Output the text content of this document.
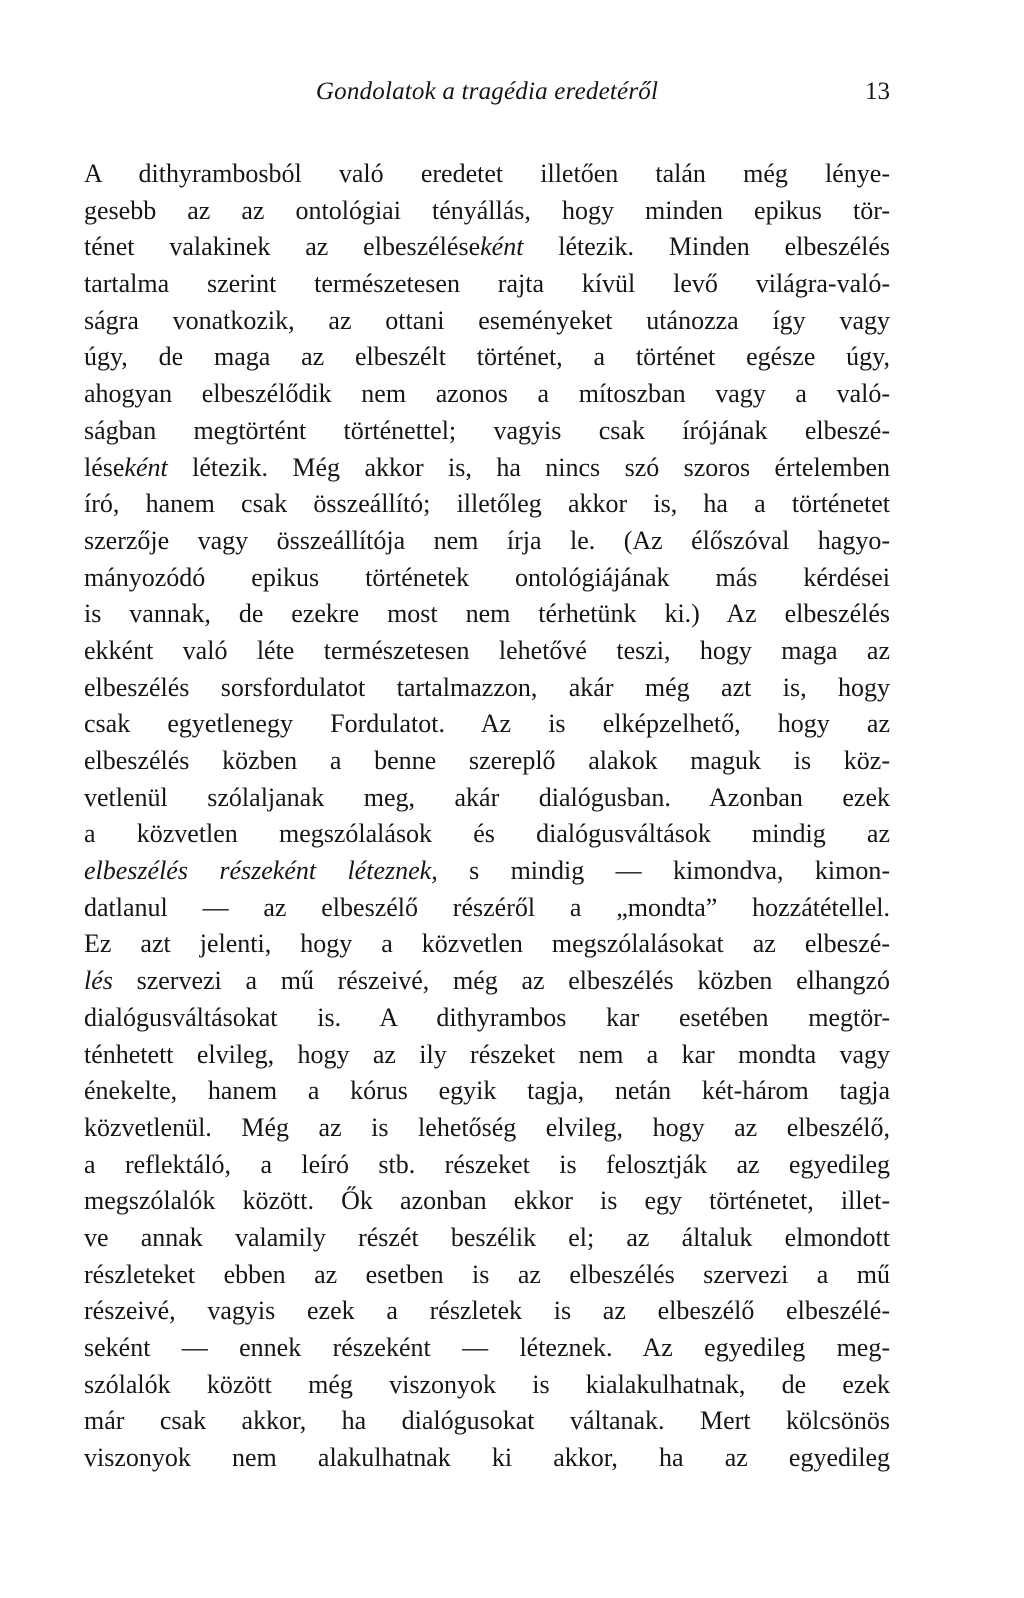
Gondolatok a tragédia eredetéről	13
A dithyrambosból való eredetet illetően talán még lénye-
gesebb az az ontológiai tényállás, hogy minden epikus tör-
ténet valakinek az elbeszéléseként létezik. Minden elbeszélés
tartalma szerint természetesen rajta kívül levő világra-való-
ságra vonatkozik, az ottani eseményeket utánozza így vagy
úgy, de maga az elbeszélt történet, a történet egésze úgy,
ahogyan elbeszélődik nem azonos a mítoszban vagy a való-
ságban megtörtént történettel; vagyis csak írójának elbeszé-
léseként létezik. Még akkor is, ha nincs szó szoros értelemben
író, hanem csak összeállító; illetőleg akkor is, ha a történetet
szerzője vagy összeállítója nem írja le. (Az élőszóval hagyo-
mányozódó epikus történetek ontológiájának más kérdései
is vannak, de ezekre most nem térhetünk ki.) Az elbeszélés
ekként való léte természetesen lehetővé teszi, hogy maga az
elbeszélés sorsfordulatot tartalmazzon, akár még azt is, hogy
csak egyetlenegy Fordulatot. Az is elképzelhető, hogy az
elbeszélés közben a benne szereplő alakok maguk is köz-
vetlenül szólaljanak meg, akár dialógusban. Azonban ezek
a közvetlen megszólalások és dialógusváltások mindig az
elbeszélés részeként léteznek, s mindig — kimondva, kimon-
datlanul — az elbeszélő részéről a „mondta” hozzátétellel.
Ez azt jelenti, hogy a közvetlen megszólalásokat az elbeszé-
lés szervezi a mű részeivé, még az elbeszélés közben elhangzó
dialógusváltásokat is. A dithyrambos kar esetében megtör-
ténhetett elvileg, hogy az ily részeket nem a kar mondta vagy
énekelte, hanem a kórus egyik tagja, netán két-három tagja
közvetlenül. Még az is lehetőség elvileg, hogy az elbeszélő,
a reflektáló, a leíró stb. részeket is felosztják az egyedileg
megszólalók között. Ők azonban ekkor is egy történetet, illet-
ve annak valamily részét beszélik el; az általuk elmondott
részleteket ebben az esetben is az elbeszélés szervezi a mű
részeivé, vagyis ezek a részletek is az elbeszélő elbeszélé-
seként — ennek részeként — léteznek. Az egyedileg meg-
szólalók között még viszonyok is kialakulhatnak, de ezek
már csak akkor, ha dialógusokat váltanak. Mert kölcsönös
viszonyok nem alakulhatnak ki akkor, ha az egyedileg
